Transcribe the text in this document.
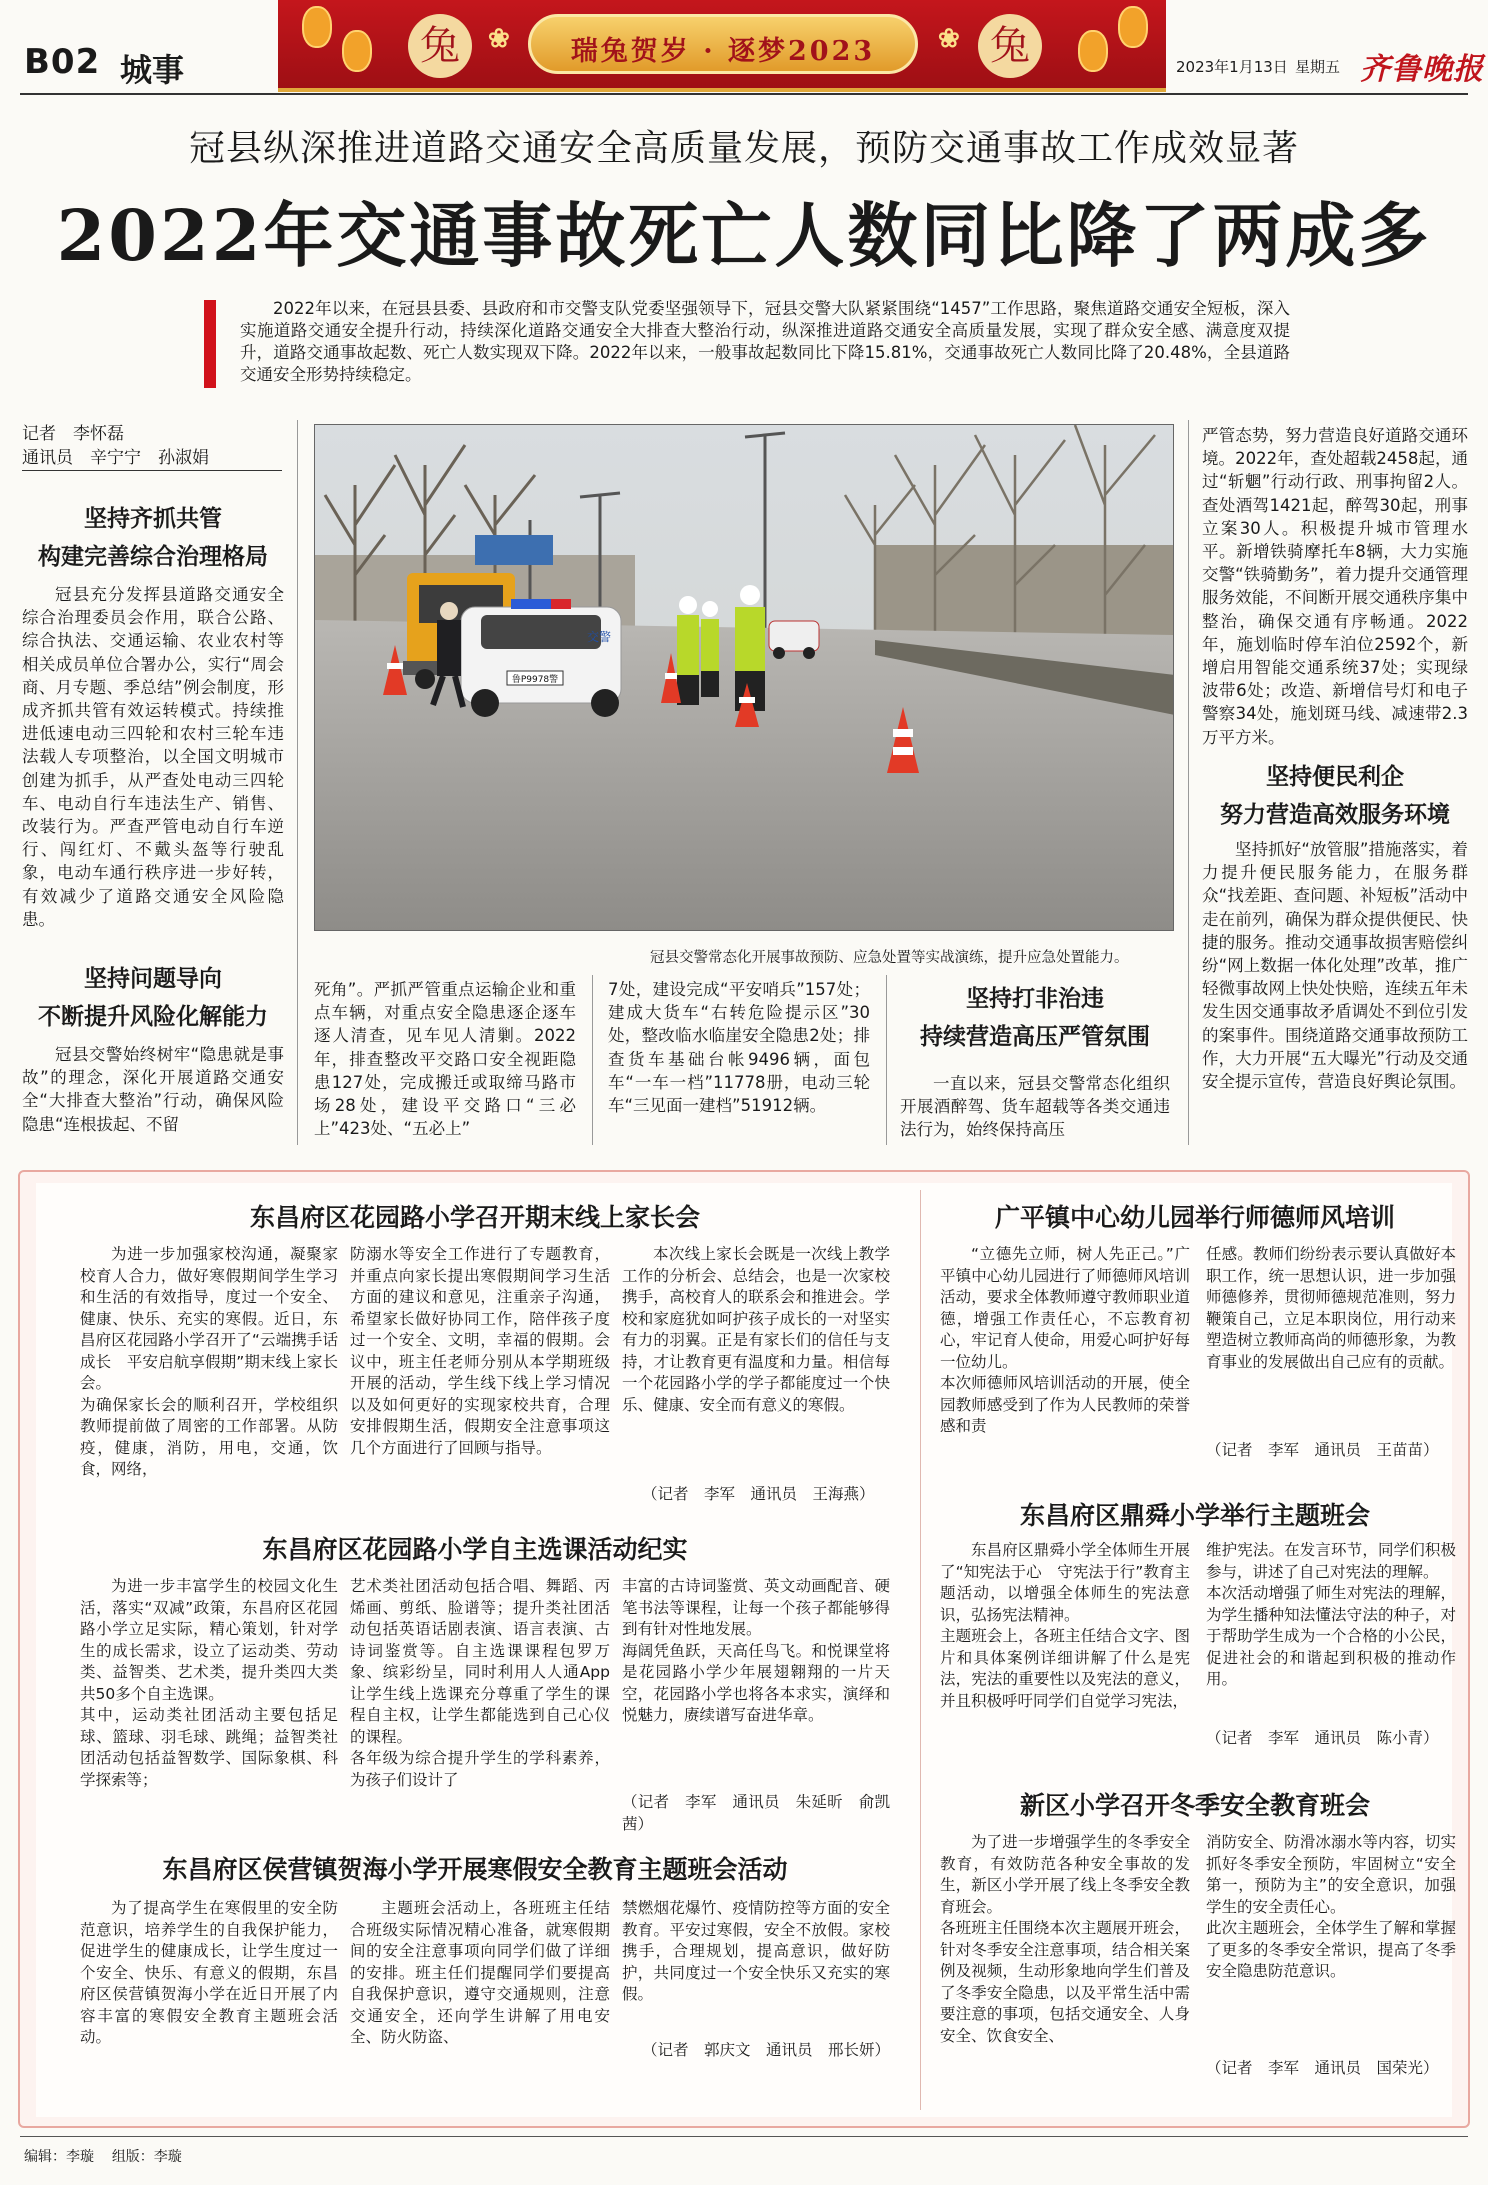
B02 城事
兔	❀	瑞兔贺岁 · 逐梦2023	❀ 兔	2023年1月13日 星期五 齐鲁晚报
冠县纵深推进道路交通安全高质量发展，预防交通事故工作成效显著
2022年交通事故死亡人数同比降了两成多
2022年以来，在冠县县委、县政府和市交警支队党委坚强领导下，冠县交警大队紧紧围绕“1457”工作思路，聚焦道路交通安全短板，深入实施道路交通安全提升行动，持续深化道路交通安全大排查大整治行动，纵深推进道路交通安全高质量发展，实现了群众安全感、满意度双提升，道路交通事故起数、死亡人数实现双下降。2022年以来，一般事故起数同比下降15.81%，交通事故死亡人数同比降了20.48%，全县道路交通安全形势持续稳定。
记者　李怀磊
通讯员　辛宁宁　孙淑娟
坚持齐抓共管
构建完善综合治理格局
冠县充分发挥县道路交通安全综合治理委员会作用，联合公路、综合执法、交通运输、农业农村等相关成员单位合署办公，实行“周会商、月专题、季总结”例会制度，形成齐抓共管有效运转模式。持续推进低速电动三四轮和农村三轮车违法载人专项整治，以全国文明城市创建为抓手，从严查处电动三四轮车、电动自行车违法生产、销售、改装行为。严查严管电动自行车逆行、闯红灯、不戴头盔等行驶乱象，电动车通行秩序进一步好转，有效减少了道路交通安全风险隐患。
坚持问题导向
不断提升风险化解能力
冠县交警始终树牢“隐患就是事故”的理念，深化开展道路交通安全“大排查大整治”行动，确保风险隐患“连根拔起、不留
鲁P9978警
交警
冠县交警常态化开展事故预防、应急处置等实战演练，提升应急处置能力。
死角”。严抓严管重点运输企业和重点车辆，对重点安全隐患逐企逐车逐人清查，见车见人清剿。2022年，排查整改平交路口安全视距隐患127处，完成搬迁或取缔马路市场28处，建设平交路口“三必上”423处、“五必上”
7处，建设完成“平安哨兵”157处；建成大货车“右转危险提示区”30处，整改临水临崖安全隐患2处；排查货车基础台帐9496辆，面包车“一车一档”11778册，电动三轮车“三见面一建档”51912辆。
坚持打非治违
持续营造高压严管氛围
一直以来，冠县交警常态化组织开展酒醉驾、货车超载等各类交通违法行为，始终保持高压
严管态势，努力营造良好道路交通环境。2022年，查处超载2458起，通过“斩魍”行动行政、刑事拘留2人。查处酒驾1421起，醉驾30起，刑事立案30人。积极提升城市管理水平。新增铁骑摩托车8辆，大力实施交警“铁骑勤务”，着力提升交通管理服务效能，不间断开展交通秩序集中整治，确保交通有序畅通。2022年，施划临时停车泊位2592个，新增启用智能交通系统37处；实现绿波带6处；改造、新增信号灯和电子警察34处，施划斑马线、减速带2.3万平方米。
坚持便民利企
努力营造高效服务环境
坚持抓好“放管服”措施落实，着力提升便民服务能力，在服务群众“找差距、查问题、补短板”活动中走在前列，确保为群众提供便民、快捷的服务。推动交通事故损害赔偿纠纷“网上数据一体化处理”改革，推广轻微事故网上快处快赔，连续五年未发生因交通事故矛盾调处不到位引发的案事件。围绕道路交通事故预防工作，大力开展“五大曝光”行动及交通安全提示宣传，营造良好舆论氛围。
东昌府区花园路小学召开期末线上家长会
为进一步加强家校沟通，凝聚家校育人合力，做好寒假期间学生学习和生活的有效指导，度过一个安全、健康、快乐、充实的寒假。近日，东昌府区花园路小学召开了“云端携手话成长　平安启航享假期”期末线上家长会。
为确保家长会的顺利召开，学校组织教师提前做了周密的工作部署。从防疫，健康，消防，用电，交通，饮食，网络，
防溺水等安全工作进行了专题教育，并重点向家长提出寒假期间学习生活方面的建议和意见，注重亲子沟通，希望家长做好协同工作，陪伴孩子度过一个安全、文明，幸福的假期。会议中，班主任老师分别从本学期班级开展的活动，学生线下线上学习情况以及如何更好的实现家校共育，合理安排假期生活，假期安全注意事项这几个方面进行了回顾与指导。
本次线上家长会既是一次线上教学工作的分析会、总结会，也是一次家校携手，高校育人的联系会和推进会。学校和家庭犹如呵护孩子成长的一对坚实有力的羽翼。正是有家长们的信任与支持，才让教育更有温度和力量。相信每一个花园路小学的学子都能度过一个快乐、健康、安全而有意义的寒假。
（记者　李军　通讯员　王海燕）
东昌府区花园路小学自主选课活动纪实
为进一步丰富学生的校园文化生活，落实“双减”政策，东昌府区花园路小学立足实际，精心策划，针对学生的成长需求，设立了运动类、劳动类、益智类、艺术类，提升类四大类共50多个自主选课。
其中，运动类社团活动主要包括足球、篮球、羽毛球、跳绳；益智类社团活动包括益智数学、国际象棋、科学探索等；
艺术类社团活动包括合唱、舞蹈、丙烯画、剪纸、脸谱等；提升类社团活动包括英语话剧表演、语言表演、古诗词鉴赏等。自主选课课程包罗万象、缤彩纷呈，同时利用人人通App让学生线上选课充分尊重了学生的课程自主权，让学生都能选到自己心仪的课程。
各年级为综合提升学生的学科素养，为孩子们设计了
丰富的古诗词鉴赏、英文动画配音、硬笔书法等课程，让每一个孩子都能够得到有针对性地发展。
海阔凭鱼跃，天高任鸟飞。和悦课堂将是花园路小学少年展翅翱翔的一片天空，花园路小学也将各本求实，演绎和悦魅力，赓续谱写奋进华章。
（记者　李军　通讯员　朱延昕　俞凯茜）
东昌府区侯营镇贺海小学开展寒假安全教育主题班会活动
为了提高学生在寒假里的安全防范意识，培养学生的自我保护能力，促进学生的健康成长，让学生度过一个安全、快乐、有意义的假期，东昌府区侯营镇贺海小学在近日开展了内容丰富的寒假安全教育主题班会活动。
主题班会活动上，各班班主任结合班级实际情况精心准备，就寒假期间的安全注意事项向同学们做了详细的安排。班主任们提醒同学们要提高自我保护意识，遵守交通规则，注意交通安全，还向学生讲解了用电安全、防火防盗、
禁燃烟花爆竹、疫情防控等方面的安全教育。平安过寒假，安全不放假。家校携手，合理规划，提高意识，做好防护，共同度过一个安全快乐又充实的寒假。
（记者　郭庆文　通讯员　邢长妍）
广平镇中心幼儿园举行师德师风培训
“立德先立师，树人先正己。”广平镇中心幼儿园进行了师德师风培训活动，要求全体教师遵守教师职业道德，增强工作责任心，不忘教育初心，牢记育人使命，用爱心呵护好每一位幼儿。
本次师德师风培训活动的开展，使全园教师感受到了作为人民教师的荣誉感和责
任感。教师们纷纷表示要认真做好本职工作，统一思想认识，进一步加强师德修养，贯彻师德规范准则，努力鞭策自己，立足本职岗位，用行动来塑造树立教师高尚的师德形象，为教育事业的发展做出自己应有的贡献。
（记者　李军　通讯员　王苗苗）
东昌府区鼎舜小学举行主题班会
东昌府区鼎舜小学全体师生开展了“知宪法于心　守宪法于行”教育主题活动，以增强全体师生的宪法意识，弘扬宪法精神。
主题班会上，各班主任结合文字、图片和具体案例详细讲解了什么是宪法，宪法的重要性以及宪法的意义，并且积极呼吁同学们自觉学习宪法，
维护宪法。在发言环节，同学们积极参与，讲述了自己对宪法的理解。
本次活动增强了师生对宪法的理解，为学生播种知法懂法守法的种子，对于帮助学生成为一个合格的小公民，促进社会的和谐起到积极的推动作用。
（记者　李军　通讯员　陈小青）
新区小学召开冬季安全教育班会
为了进一步增强学生的冬季安全教育，有效防范各种安全事故的发生，新区小学开展了线上冬季安全教育班会。
各班班主任围绕本次主题展开班会，针对冬季安全注意事项，结合相关案例及视频，生动形象地向学生们普及了冬季安全隐患，以及平常生活中需要注意的事项，包括交通安全、人身安全、饮食安全、
消防安全、防滑冰溺水等内容，切实抓好冬季安全预防，牢固树立“安全第一，预防为主”的安全意识，加强学生的安全责任心。
此次主题班会，全体学生了解和掌握了更多的冬季安全常识，提高了冬季安全隐患防范意识。
（记者　李军　通讯员　国荣光）
编辑：李璇 组版：李璇
